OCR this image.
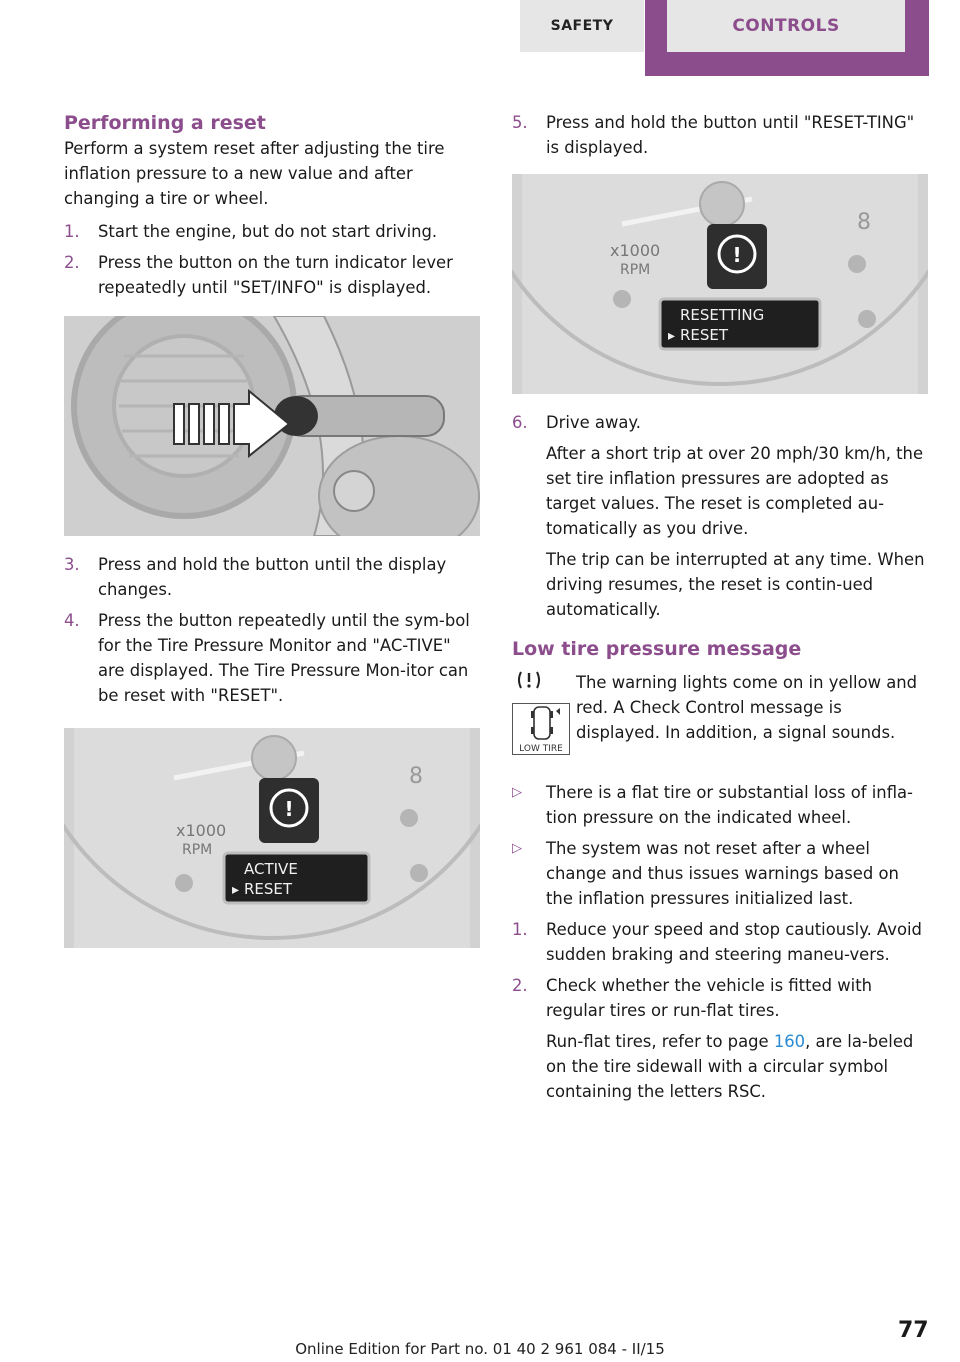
SAFETY	CONTROLS
Performing a reset

Perform a system reset after adjusting the tire inflation pressure to a new value and after changing a tire or wheel.

1.	Start the engine, but do not start driving.
2.	Press the button on the turn indicator lever repeatedly until "SET/INFO" is displayed.
3.	Press and hold the button until the display changes.
4.	Press the button repeatedly until the sym-bol for the Tire Pressure Monitor and "AC-TIVE" are displayed. The Tire Pressure Mon-itor can be reset with "RESET".
!
x1000
RPM
ACTIVE
▸ RESET
8
5.	Press and hold the button until "RESET-TING" is displayed.
!
x1000
RPM
RESETTING
▸ RESET
8
6.	Drive away.

After a short trip at over 20 mph/30 km/h, the set tire inflation pressures are adopted as target values. The reset is completed au-tomatically as you drive.

The trip can be interrupted at any time. When driving resumes, the reset is contin-ued automatically.

Low tire pressure message
LOW TIRE

The warning lights come on in yellow and red. A Check Control message is displayed. In addition, a signal sounds.

▷	There is a flat tire or substantial loss of infla-tion pressure on the indicated wheel.
▷	The system was not reset after a wheel change and thus issues warnings based on the inflation pressures initialized last.
1.	Reduce your speed and stop cautiously. Avoid sudden braking and steering maneu-vers.
2.	Check whether the vehicle is fitted with regular tires or run-flat tires.

Run-flat tires, refer to page 160, are la-beled on the tire sidewall with a circular symbol containing the letters RSC.

77
Online Edition for Part no. 01 40 2 961 084 - II/15
